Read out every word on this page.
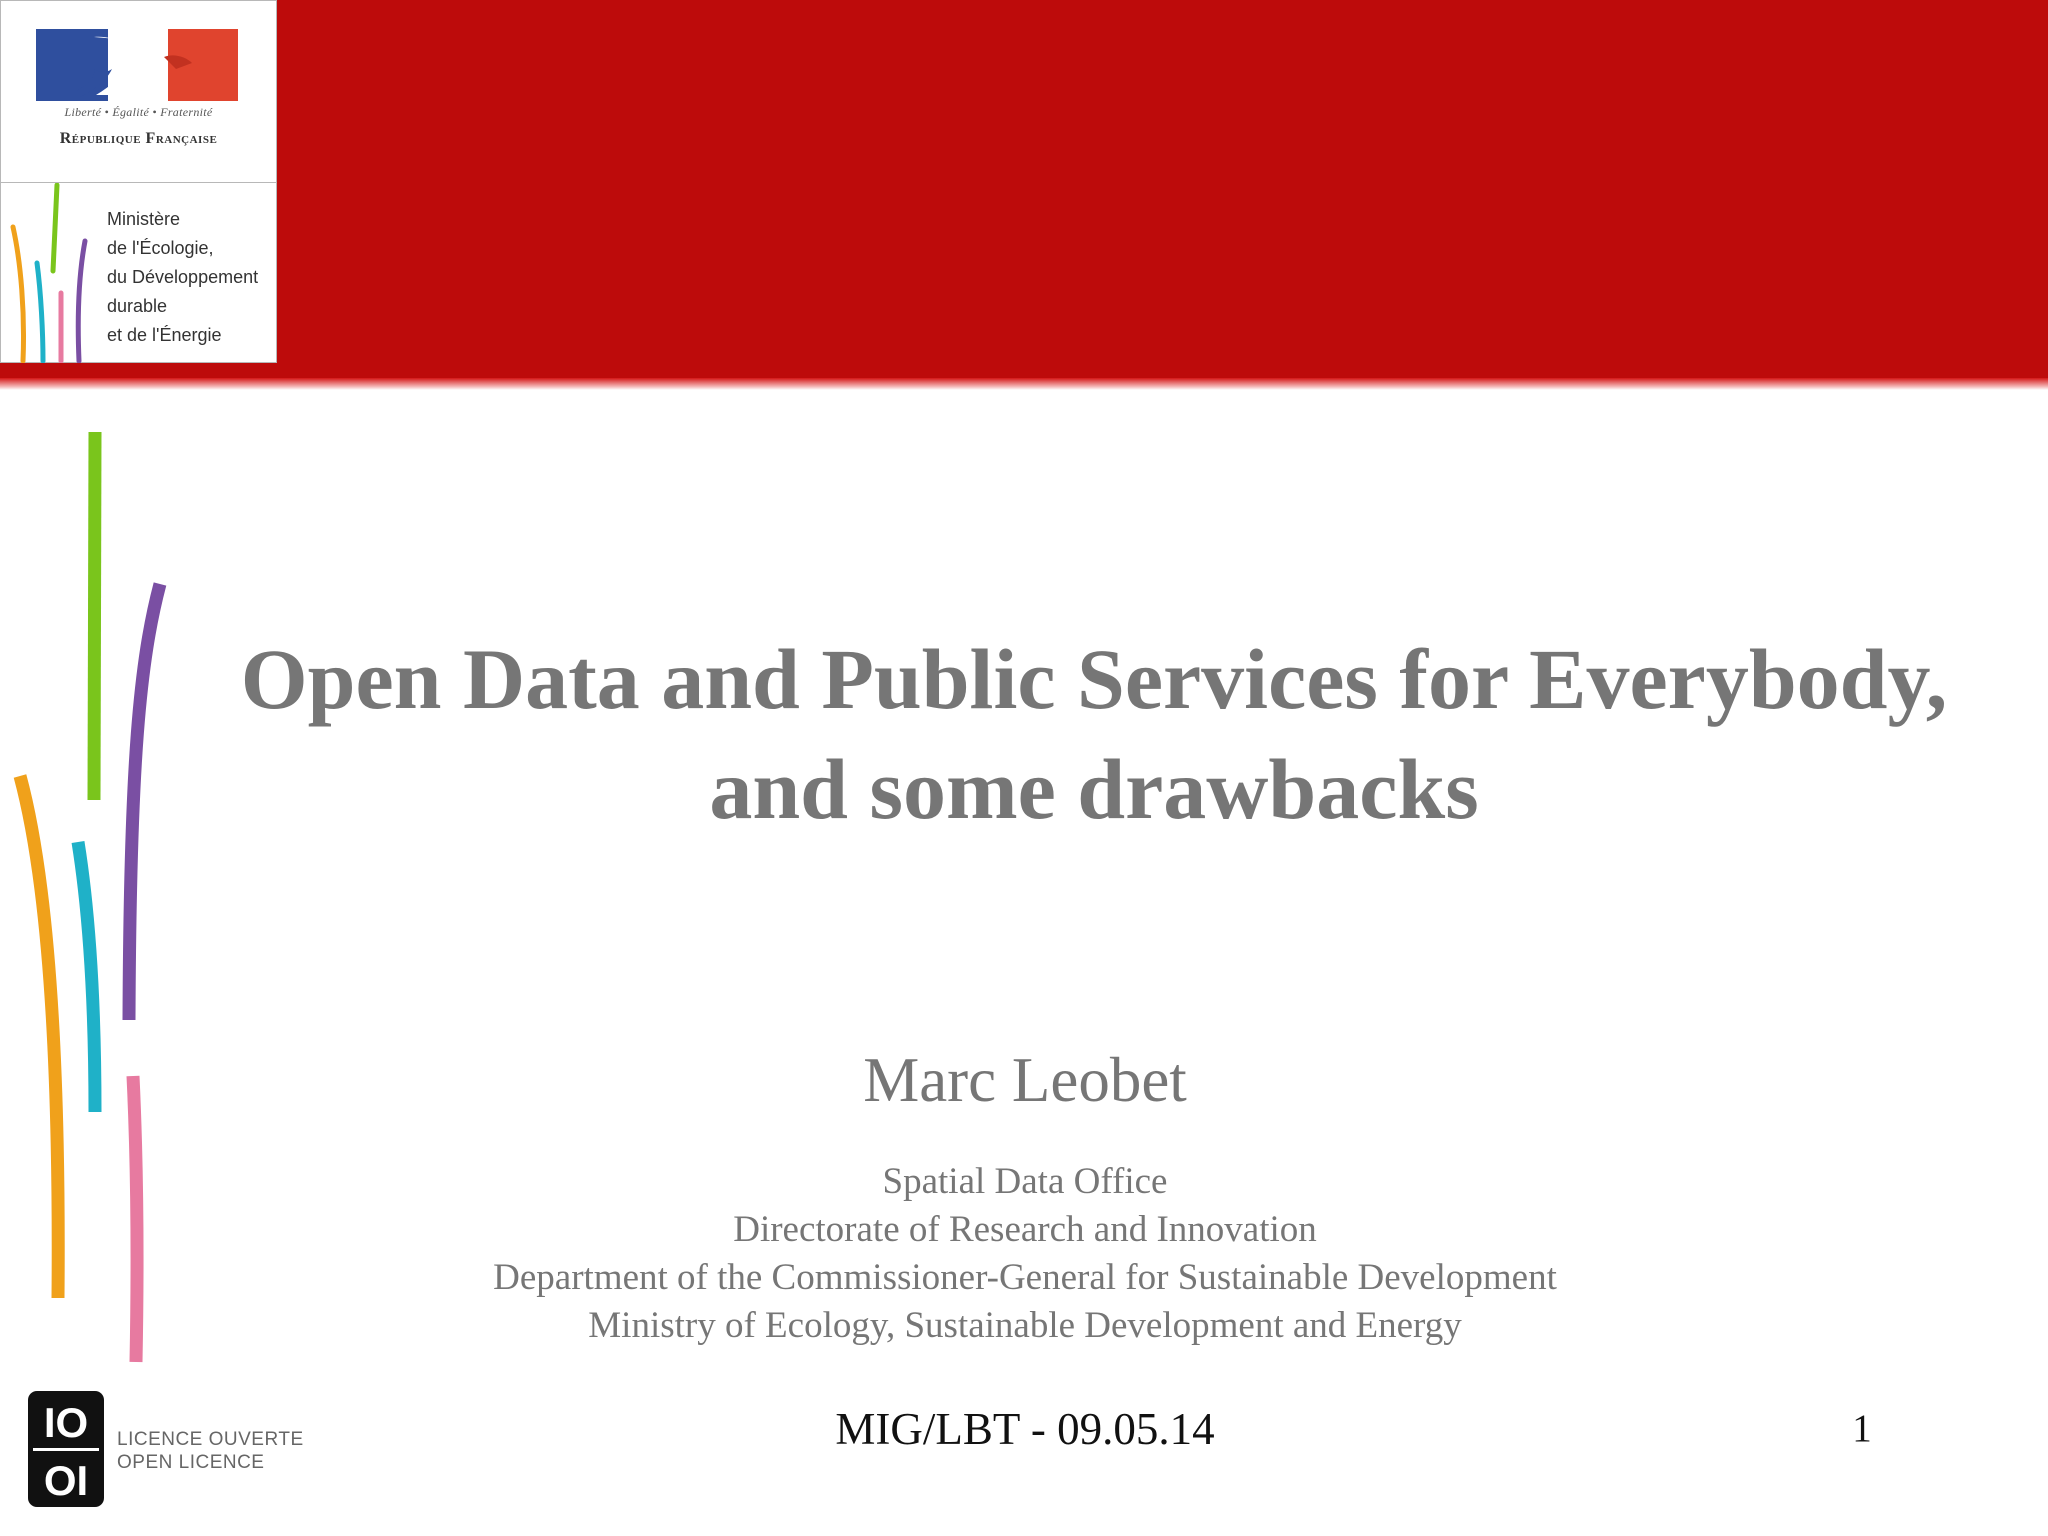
Liberté • Égalité • Fraternité
République Française
Ministère
de l'Écologie,
du Développement
durable
et de l'Énergie
Open Data and Public Services for Everybody,
and some drawbacks
Marc Leobet
Spatial Data Office
Directorate of Research and Innovation
Department of the Commissioner-General for Sustainable Development
Ministry of Ecology, Sustainable Development and Energy
IO
OI
LICENCE OUVERTE
OPEN LICENCE
MIG/LBT - 09.05.14	1
